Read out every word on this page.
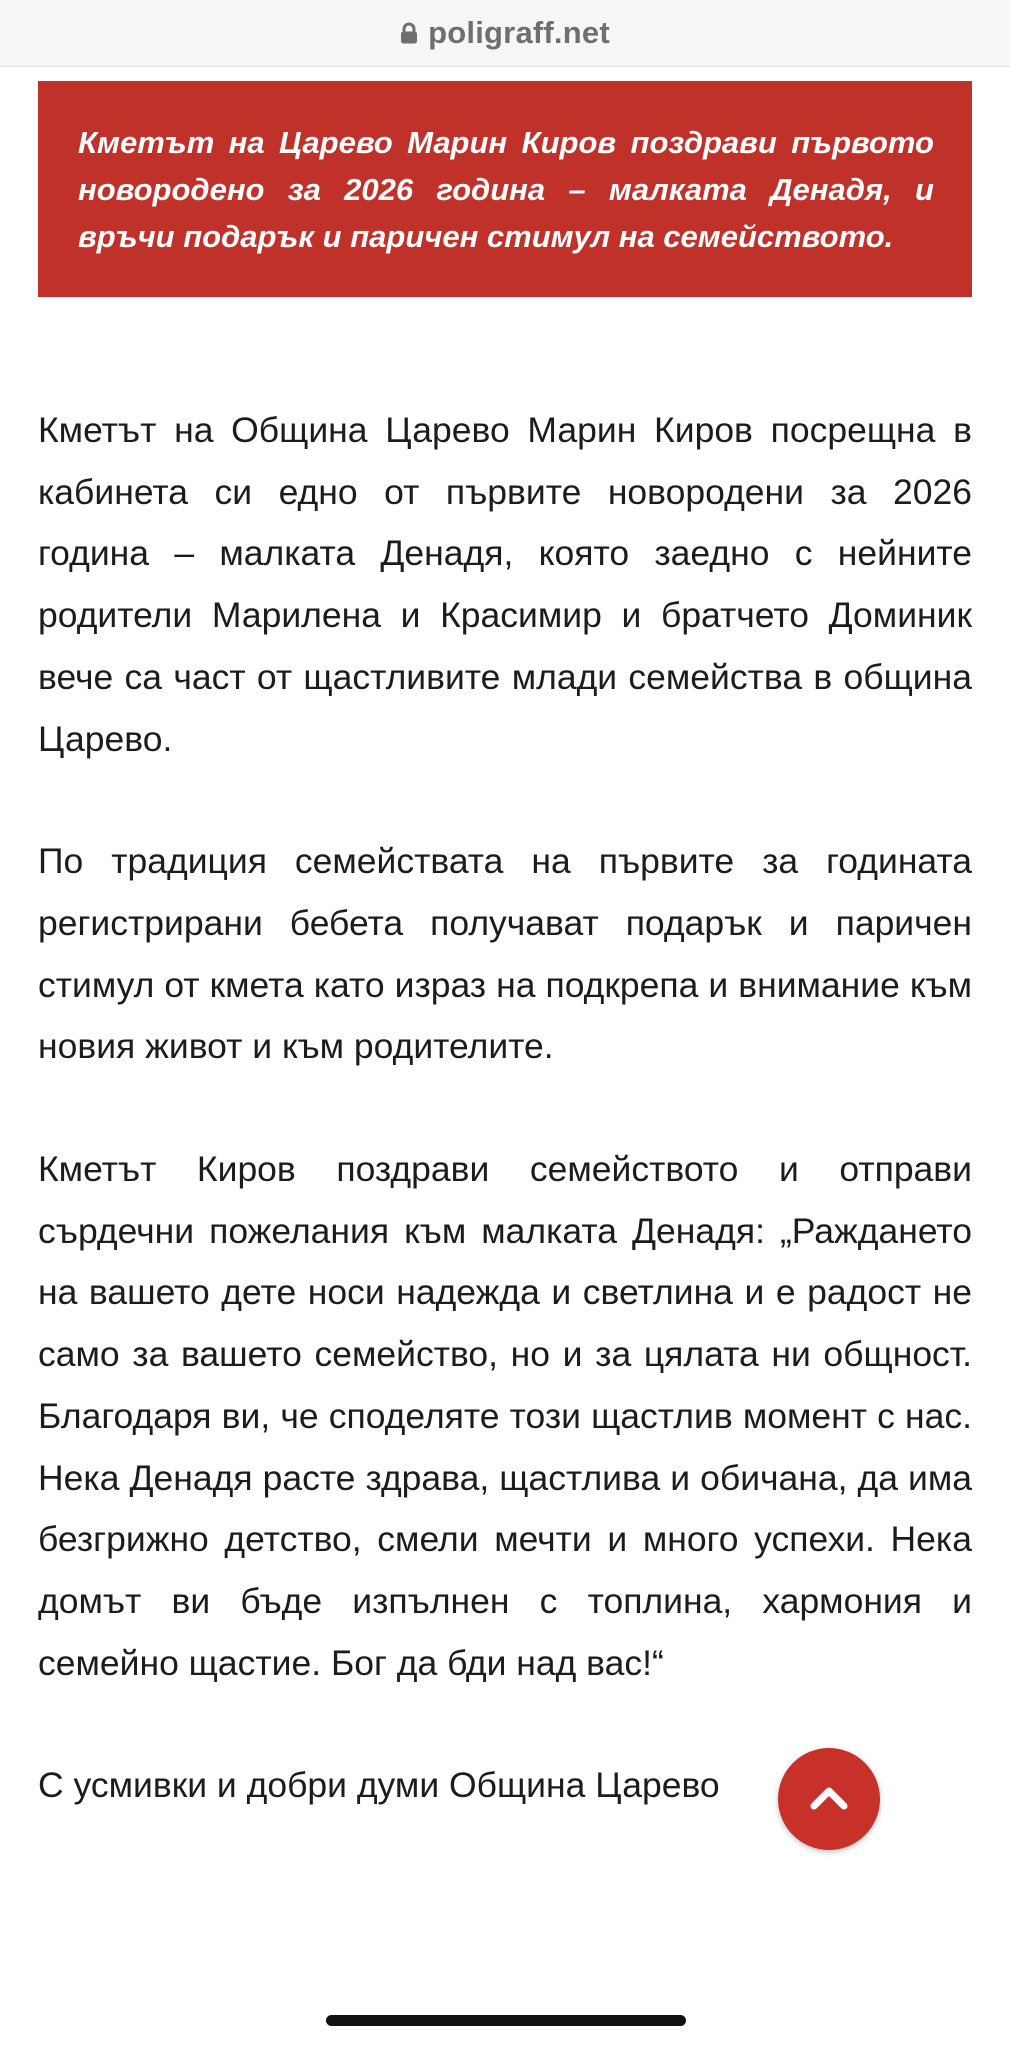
poligraff.net

Кметът на Царево Марин Киров поздрави първото новородено за 2026 година – малката Денадя, и връчи подарък и паричен стимул на семейството.

Кметът на Община Царево Марин Киров посрещна в кабинета си едно от първите новородени за 2026 година – малката Денадя, която заедно с нейните родители Марилена и Красимир и братчето Доминик вече са част от щастливите млади семейства в община Царево.

По традиция семействата на първите за годината регистрирани бебета получават подарък и паричен стимул от кмета като израз на подкрепа и внимание към новия живот и към родителите.

Кметът Киров поздрави семейството и отправи сърдечни пожелания към малката Денадя: „Раждането на вашето дете носи надежда и светлина и е радост не само за вашето семейство, но и за цялата ни общност. Благодаря ви, че споделяте този щастлив момент с нас. Нека Денадя расте здрава, щастлива и обичана, да има безгрижно детство, смели мечти и много успехи. Нека домът ви бъде изпълнен с топлина, хармония и семейно щастие. Бог да бди над вас!“

С усмивки и добри думи Община Царево
